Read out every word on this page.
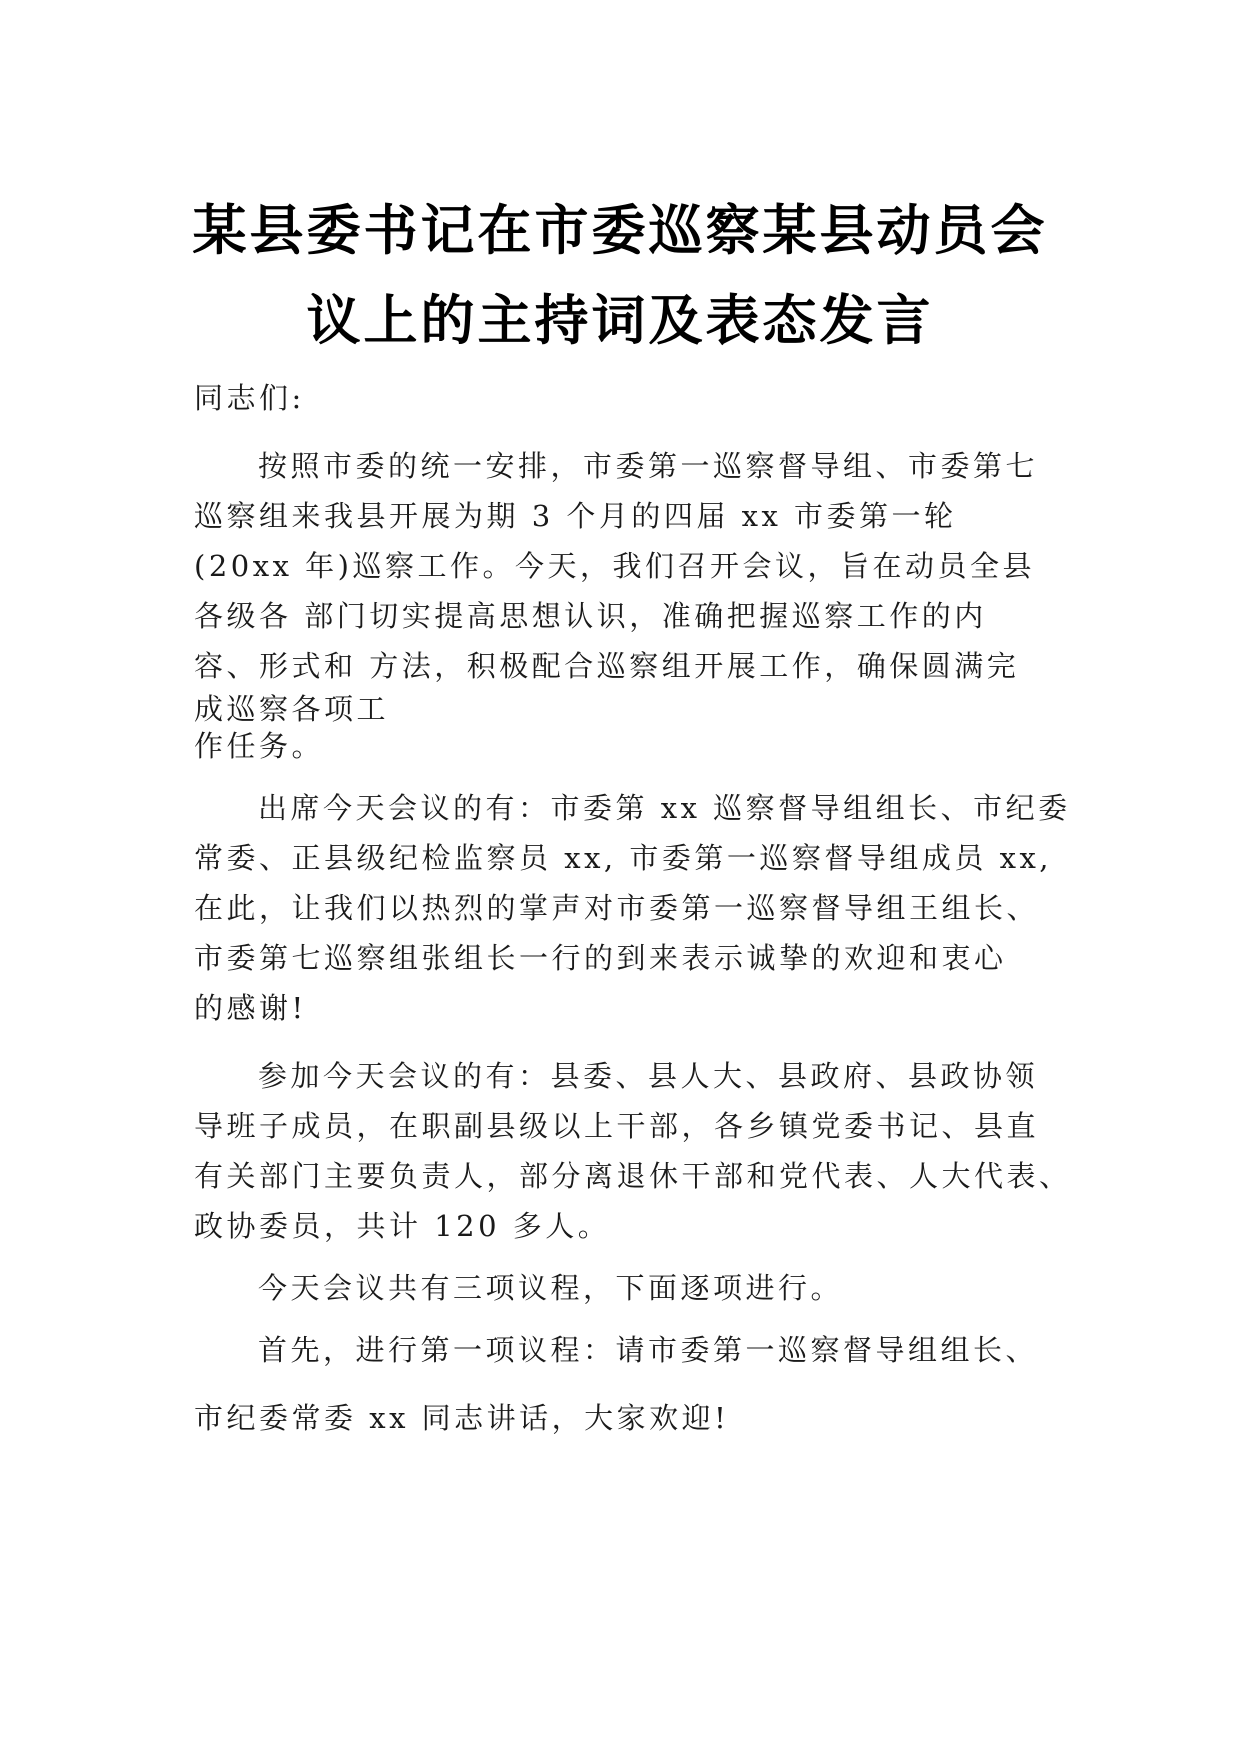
某县委书记在市委巡察某县动员会
议上的主持词及表态发言
同志们:
按照市委的统一安排，市委第一巡察督导组、市委第七
巡察组来我县开展为期 3 个月的四届 xx 市委第一轮
(20xx 年)巡察工作。今天，我们召开会议，旨在动员全县
各级各 部门切实提高思想认识，准确把握巡察工作的内
容、形式和 方法，积极配合巡察组开展工作，确保圆满完
成巡察各项工
作任务。
出席今天会议的有：市委第 xx 巡察督导组组长、市纪委
常委、正县级纪检监察员 xx, 市委第一巡察督导组成员 xx,
在此，让我们以热烈的掌声对市委第一巡察督导组王组长、
市委第七巡察组张组长一行的到来表示诚挚的欢迎和衷心
的感谢!
参加今天会议的有：县委、县人大、县政府、县政协领
导班子成员，在职副县级以上干部，各乡镇党委书记、县直
有关部门主要负责人，部分离退休干部和党代表、人大代表、
政协委员，共计 120 多人。
今天会议共有三项议程，下面逐项进行。
首先，进行第一项议程：请市委第一巡察督导组组长、
市纪委常委 xx 同志讲话，大家欢迎!
